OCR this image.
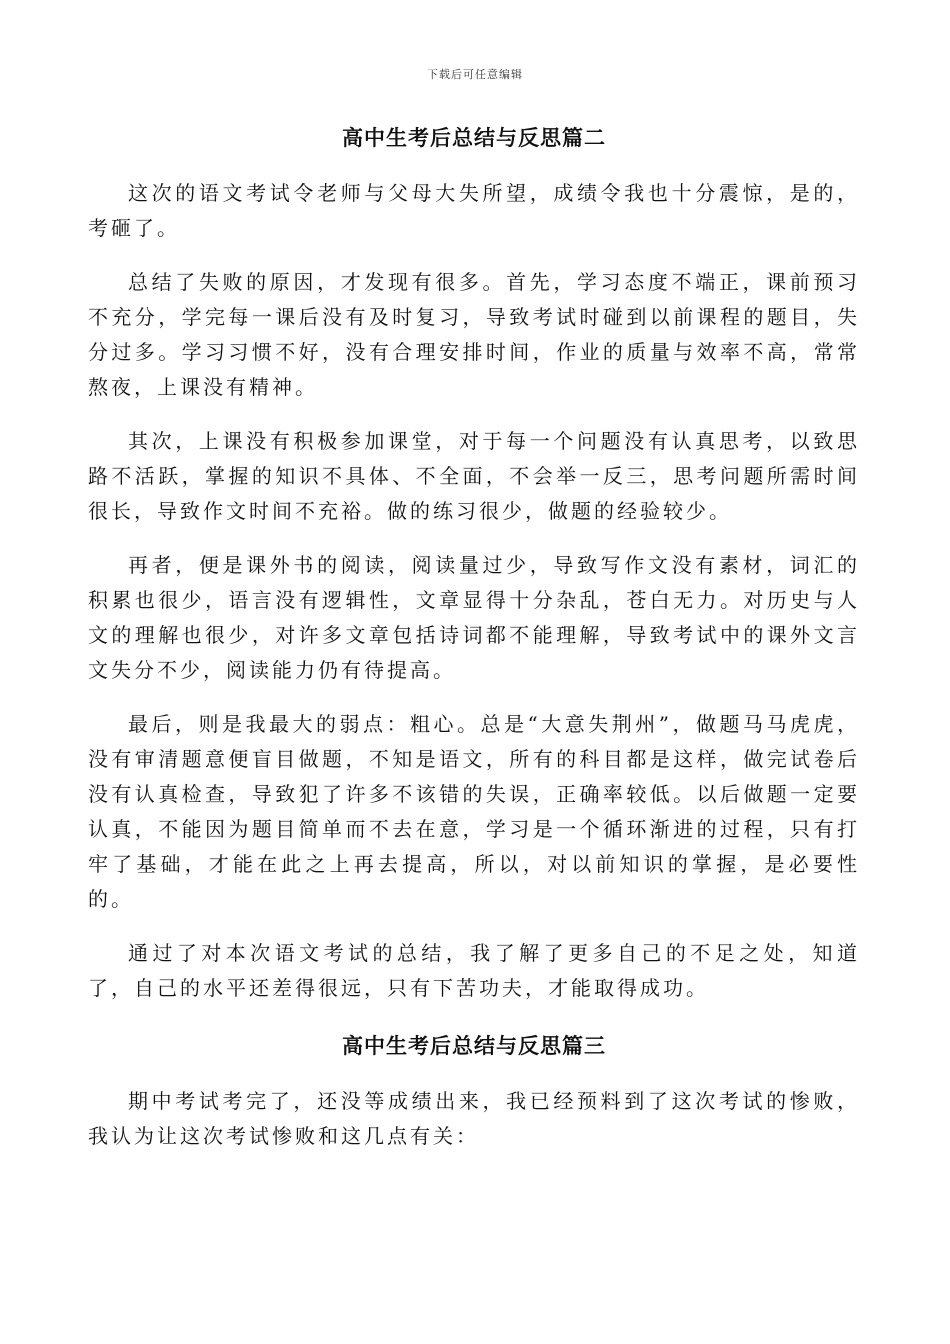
下载后可任意编辑
高中生考后总结与反思篇二

这次的语文考试令老师与父母大失所望，成绩令我也十分震惊，是的，考砸了。

总结了失败的原因，才发现有很多。首先，学习态度不端正，课前预习不充分，学完每一课后没有及时复习，导致考试时碰到以前课程的题目，失分过多。学习习惯不好，没有合理安排时间，作业的质量与效率不高，常常熬夜，上课没有精神。

其次，上课没有积极参加课堂，对于每一个问题没有认真思考，以致思路不活跃，掌握的知识不具体、不全面，不会举一反三，思考问题所需时间很长，导致作文时间不充裕。做的练习很少，做题的经验较少。

再者，便是课外书的阅读，阅读量过少，导致写作文没有素材，词汇的积累也很少，语言没有逻辑性，文章显得十分杂乱，苍白无力。对历史与人文的理解也很少，对许多文章包括诗词都不能理解，导致考试中的课外文言文失分不少，阅读能力仍有待提高。

最后，则是我最大的弱点：粗心。总是“大意失荆州”，做题马马虎虎，没有审清题意便盲目做题，不知是语文，所有的科目都是这样，做完试卷后没有认真检查，导致犯了许多不该错的失误，正确率较低。以后做题一定要认真，不能因为题目简单而不去在意，学习是一个循环渐进的过程，只有打牢了基础，才能在此之上再去提高，所以，对以前知识的掌握，是必要性的。

通过了对本次语文考试的总结，我了解了更多自己的不足之处，知道了，自己的水平还差得很远，只有下苦功夫，才能取得成功。

高中生考后总结与反思篇三

期中考试考完了，还没等成绩出来，我已经预料到了这次考试的惨败，我认为让这次考试惨败和这几点有关：
